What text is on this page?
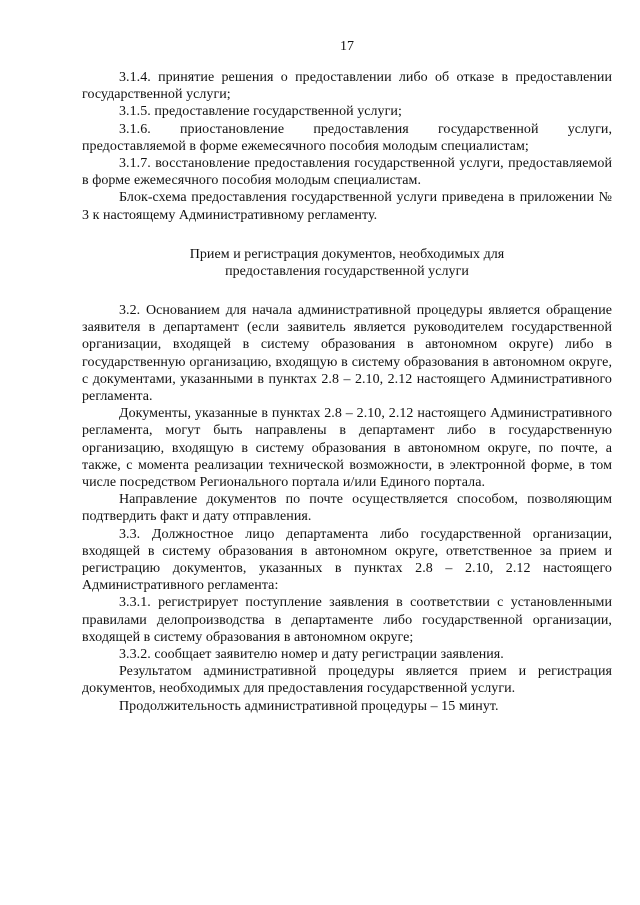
17

3.1.4. принятие решения о предоставлении либо об отказе в предоставлении государственной услуги;

3.1.5. предоставление государственной услуги;

3.1.6. приостановление предоставления государственной услуги, предоставляемой в форме ежемесячного пособия молодым специалистам;

3.1.7. восстановление предоставления государственной услуги, предоставляемой в форме ежемесячного пособия молодым специалистам.

Блок-схема предоставления государственной услуги приведена в приложении № 3 к настоящему Административному регламенту.

Прием и регистрация документов, необходимых для
предоставления государственной услуги

3.2. Основанием для начала административной процедуры является обращение заявителя в департамент (если заявитель является руководителем государственной организации, входящей в систему образования в автономном округе) либо в государственную организацию, входящую в систему образования в автономном округе, с документами, указанными в пунктах 2.8 – 2.10, 2.12 настоящего Административного регламента.

Документы, указанные в пунктах 2.8 – 2.10, 2.12 настоящего Административного регламента, могут быть направлены в департамент либо в государственную организацию, входящую в систему образования в автономном округе, по почте, а также, с момента реализации технической возможности, в электронной форме, в том числе посредством Регионального портала и/или Единого портала.

Направление документов по почте осуществляется способом, позволяющим подтвердить факт и дату отправления.

3.3. Должностное лицо департамента либо государственной организации, входящей в систему образования в автономном округе, ответственное за прием и регистрацию документов, указанных в пунктах 2.8 – 2.10, 2.12 настоящего Административного регламента:

3.3.1. регистрирует поступление заявления в соответствии с установленными правилами делопроизводства в департаменте либо государственной организации, входящей в систему образования в автономном округе;

3.3.2. сообщает заявителю номер и дату регистрации заявления.

Результатом административной процедуры является прием и регистрация документов, необходимых для предоставления государственной услуги.

Продолжительность административной процедуры – 15 минут.
